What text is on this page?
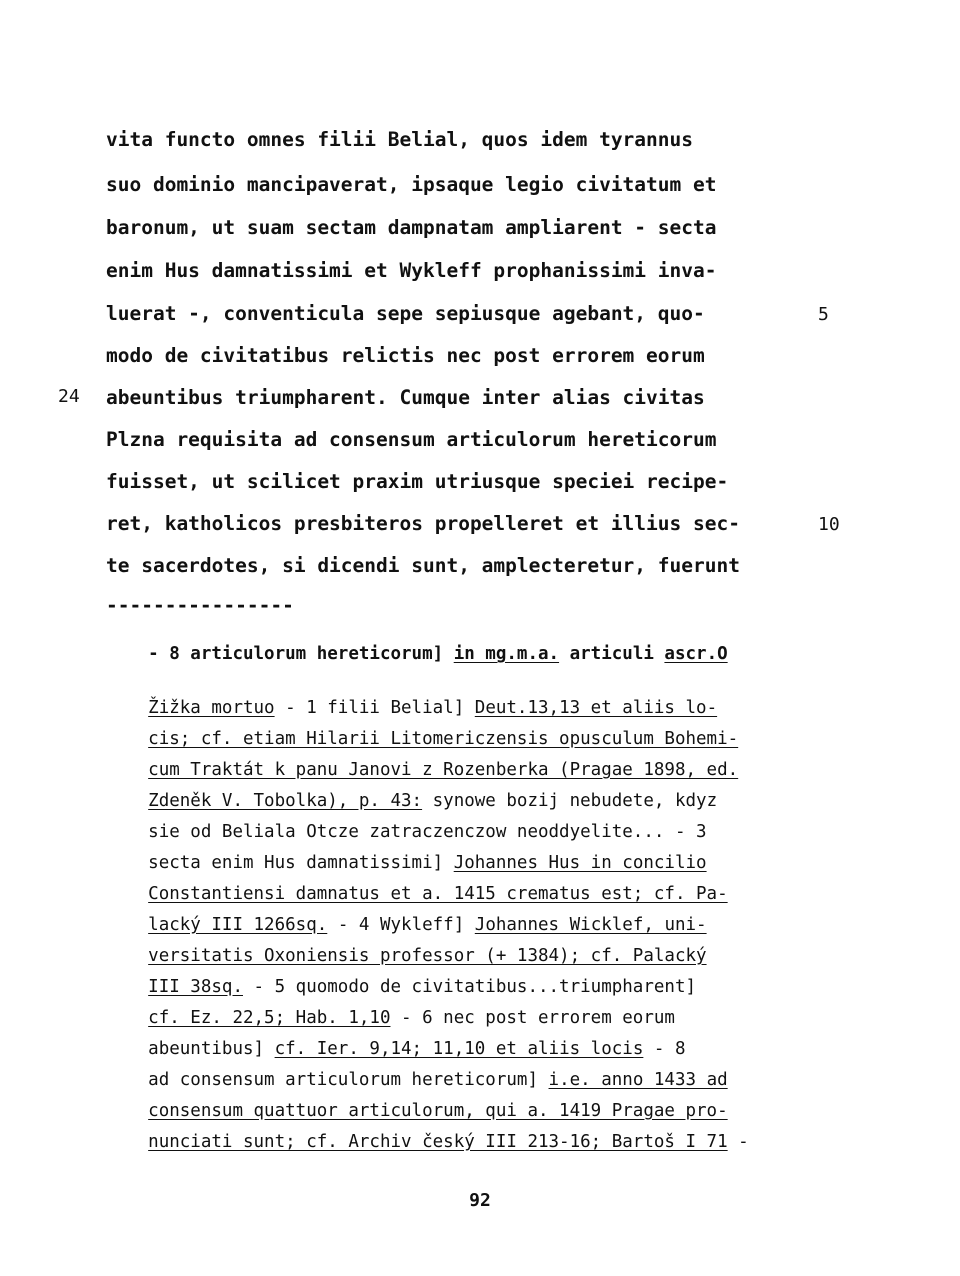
vita functo omnes filii Belial, quos idem tyrannus
suo dominio mancipaverat, ipsaque legio civitatum et
baronum, ut suam sectam dampnatam ampliarent - secta
enim Hus damnatissimi et Wykleff prophanissimi inva-
luerat -, conventicula sepe sepiusque agebant, quo-
modo de civitatibus relictis nec post errorem eorum
abeuntibus triumpharent. Cumque inter alias civitas
Plzna requisita ad consensum articulorum hereticorum
fuisset, ut scilicet praxim utriusque speciei recipe-
ret, katholicos presbiteros propelleret et illius sec-
te sacerdotes, si dicendi sunt, amplecteretur, fuerunt
5
24
10
----------------

- 8 articulorum hereticorum] in mg.m.a. articuli ascr.O

Žižka mortuo - 1 filii Belial] Deut.13,13 et aliis lo-

cis; cf. etiam Hilarii Litomericzensis opusculum Bohemi-

cum Traktát k panu Janovi z Rozenberka (Pragae 1898, ed.

Zdeněk V. Tobolka), p. 43: synowe bozij nebudete, kdyz

sie od Beliala Otcze zatraczenczow neoddyelite... - 3

secta enim Hus damnatissimi] Johannes Hus in concilio

Constantiensi damnatus et a. 1415 crematus est; cf. Pa-

lacký III 1266sq. - 4 Wykleff] Johannes Wicklef, uni-

versitatis Oxoniensis professor (+ 1384); cf. Palacký

III 38sq. - 5 quomodo de civitatibus...triumpharent]

cf. Ez. 22,5; Hab. 1,10 - 6 nec post errorem eorum

abeuntibus] cf. Ier. 9,14; 11,10 et aliis locis - 8

ad consensum articulorum hereticorum] i.e. anno 1433 ad

consensum quattuor articulorum, qui a. 1419 Pragae pro-

nunciati sunt; cf. Archiv český III 213-16; Bartoš I 71 -

92
